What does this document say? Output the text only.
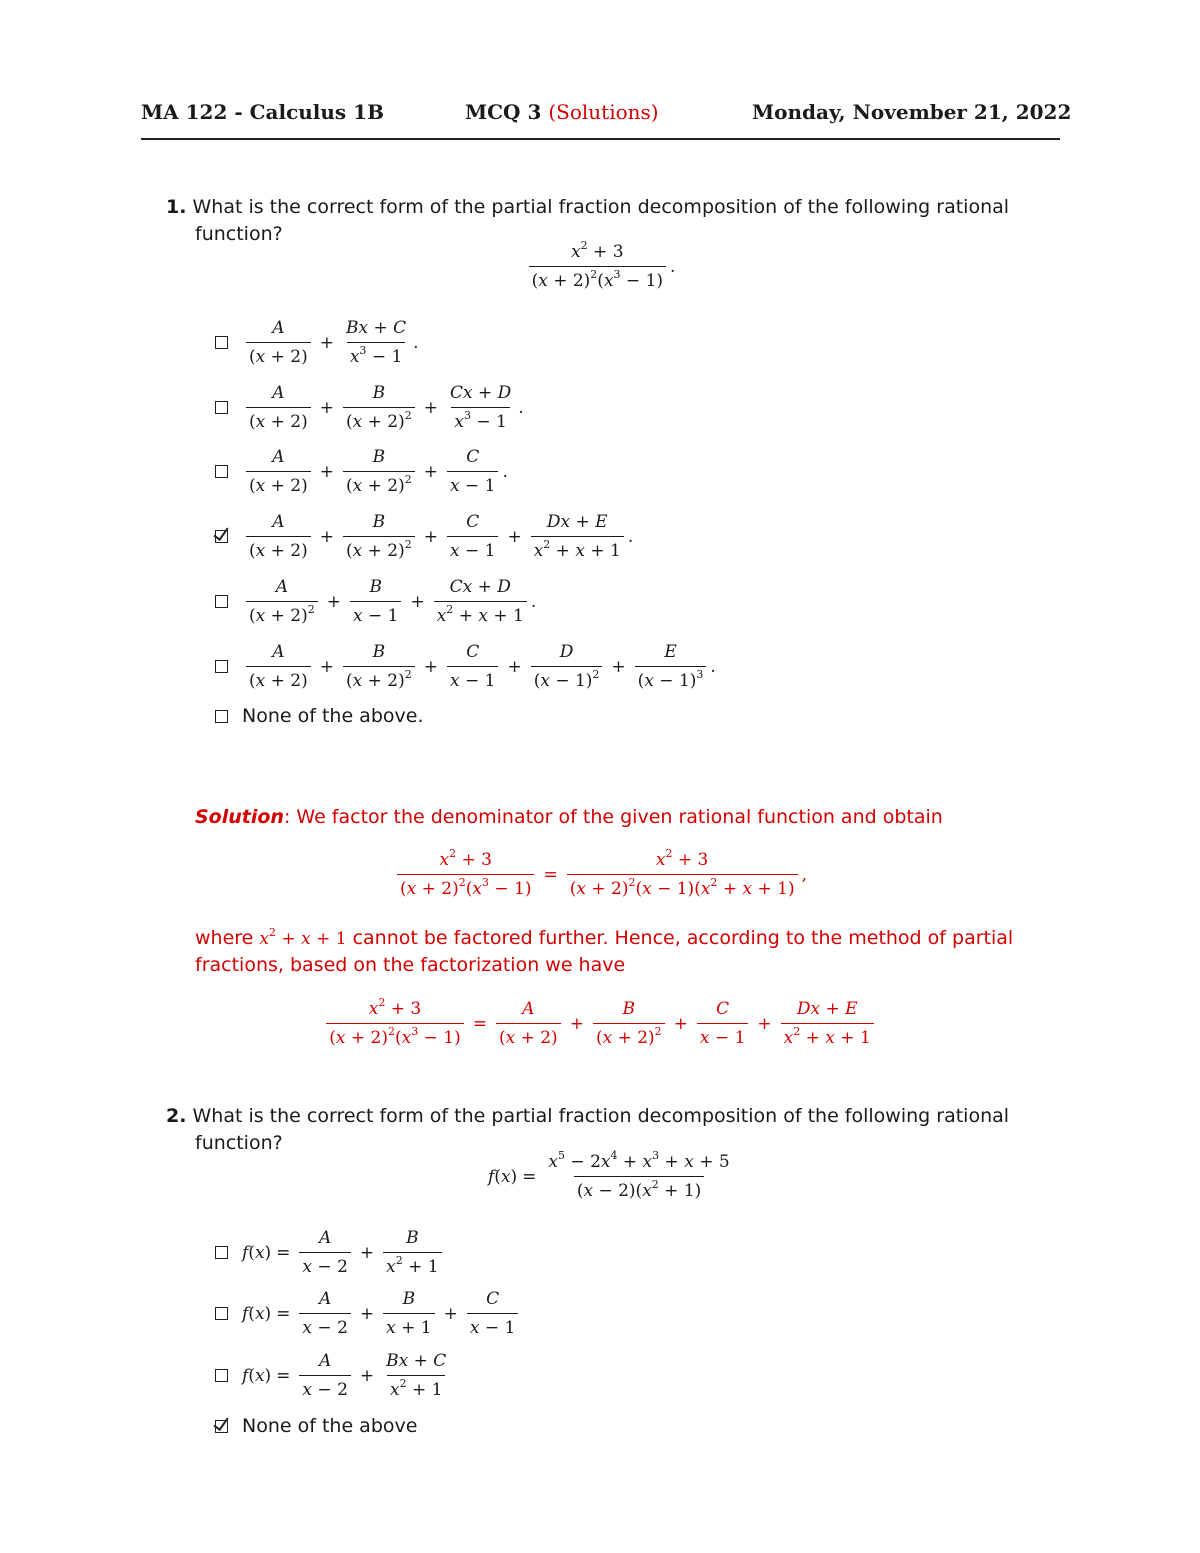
MA 122 - Calculus 1B	MCQ 3 (Solutions)	Monday, November 21, 2022
1. What is the correct form of the partial fraction decomposition of the following rational
function?
$\frac{x^2 + 3}{(x + 2)^2(x^3 - 1)}$ .
$\frac{A}{(x + 2)} + \frac{Bx + C}{x^3 - 1}$ .
$\frac{A}{(x + 2)} + \frac{B}{(x + 2)^2} + \frac{Cx + D}{x^3 - 1}$ .
$\frac{A}{(x + 2)} + \frac{B}{(x + 2)^2} + \frac{C}{x - 1}$ .
$\frac{A}{(x + 2)} + \frac{B}{(x + 2)^2} + \frac{C}{x - 1} + \frac{Dx + E}{x^2 + x + 1}$ .
$\frac{A}{(x + 2)^2} + \frac{B}{x - 1} + \frac{Cx + D}{x^2 + x + 1}$ .
$\frac{A}{(x + 2)} + \frac{B}{(x + 2)^2} + \frac{C}{x - 1} + \frac{D}{(x - 1)^2} + \frac{E}{(x - 1)^3}$ .
None of the above.
Solution: We factor the denominator of the given rational function and obtain
$\frac{x^2 + 3}{(x + 2)^2(x^3 - 1)} = \frac{x^2 + 3}{(x + 2)^2(x - 1)(x^2 + x + 1)}$ ,
where $x^2 + x + 1$ cannot be factored further. Hence, according to the method of partial
fractions, based on the factorization we have
$\frac{x^2 + 3}{(x + 2)^2(x^3 - 1)} = \frac{A}{(x + 2)} + \frac{B}{(x + 2)^2} + \frac{C}{x - 1} + \frac{Dx + E}{x^2 + x + 1}$
2. What is the correct form of the partial fraction decomposition of the following rational
function?
f ( x ) = $\frac{x^5 - 2x^4 + x^3 + x + 5}{(x - 2)(x^2 + 1)}$
f ( x ) = $\frac{A}{x - 2} + \frac{B}{x^2 + 1}$
f ( x ) = $\frac{A}{x - 2} + \frac{B}{x + 1} + \frac{C}{x - 1}$
f ( x ) = $\frac{A}{x - 2} + \frac{Bx + C}{x^2 + 1}$
None of the above
